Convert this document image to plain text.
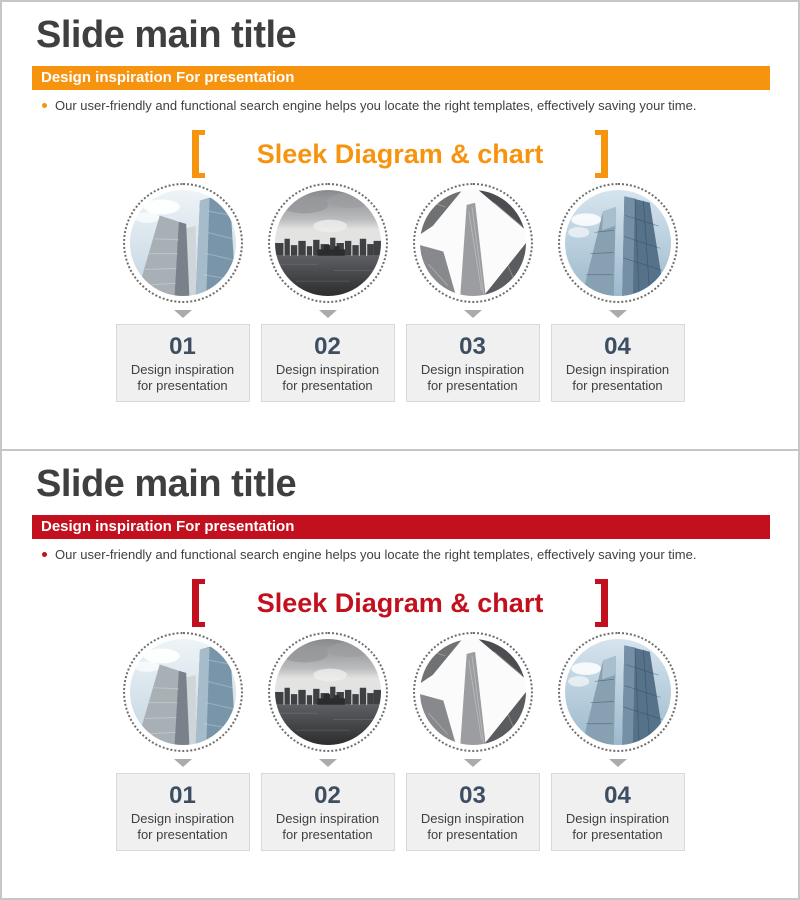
Slide main title
Design inspiration For presentation
Our user-friendly and functional search engine helps you locate the right templates, effectively saving your time.
Sleek Diagram & chart
01
Design inspiration for presentation
02
Design inspiration for presentation
03
Design inspiration for presentation
04
Design inspiration for presentation
Slide main title
Design inspiration For presentation
Our user-friendly and functional search engine helps you locate the right templates, effectively saving your time.
Sleek Diagram & chart
01
Design inspiration for presentation
02
Design inspiration for presentation
03
Design inspiration for presentation
04
Design inspiration for presentation
